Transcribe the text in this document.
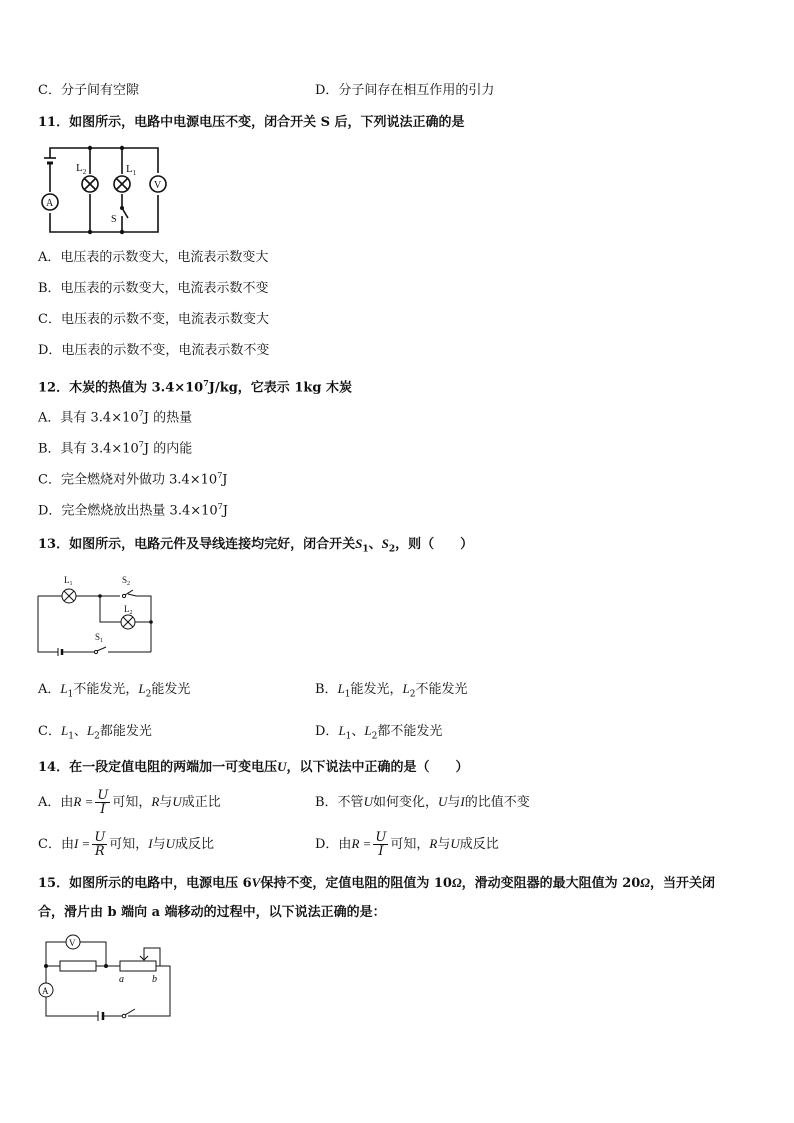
C．分子间有空隙	D．分子间存在相互作用的引力
11．如图所示，电路中电源电压不变，闭合开关 S 后，下列说法正确的是
$L_2$	$L_1$
V
A
S
A．电压表的示数变大，电流表示数变大
B．电压表的示数变大，电流表示数不变
C．电压表的示数不变，电流表示数变大
D．电压表的示数不变，电流表示数不变
12．木炭的热值为 $3.4\times 10^7J/kg$，它表示 1kg 木炭
A．具有 $3.4\times 10^7J$ 的热量
B．具有 $3.4\times 10^7J$ 的内能
C．完全燃烧对外做功 $3.4\times 10^7J$
D．完全燃烧放出热量 $3.4\times 10^7J$
13．如图所示，电路元件及导线连接均完好，闭合开关$S_1$、$S_2$，则（　　）
$L_1$	$S_2$
$L_2$
$S_1$
A．$L_1$不能发光，$L_2$能发光	B．$L_1$能发光，$L_2$不能发光
C．$L_1$、$L_2$都能发光	D．$L_1$、$L_2$都不能发光
14．在一段定值电阻的两端加一可变电压U，以下说法中正确的是（　　）
A．由$R = \frac{U}{I}$ 可知，R与U成正比	B．不管U如何变化，U与I的比值不变
C．由$I = \frac{U}{R}$ 可知，I与U成反比	D．由$R = \frac{U}{I}$ 可知，R与U成反比
15．如图所示的电路中，电源电压 6V保持不变，定值电阻的阻值为 10Ω，滑动变阻器的最大阻值为 20Ω，当开关闭
合，滑片由 b 端向 a 端移动的过程中，以下说法正确的是：
V
A
a	b
